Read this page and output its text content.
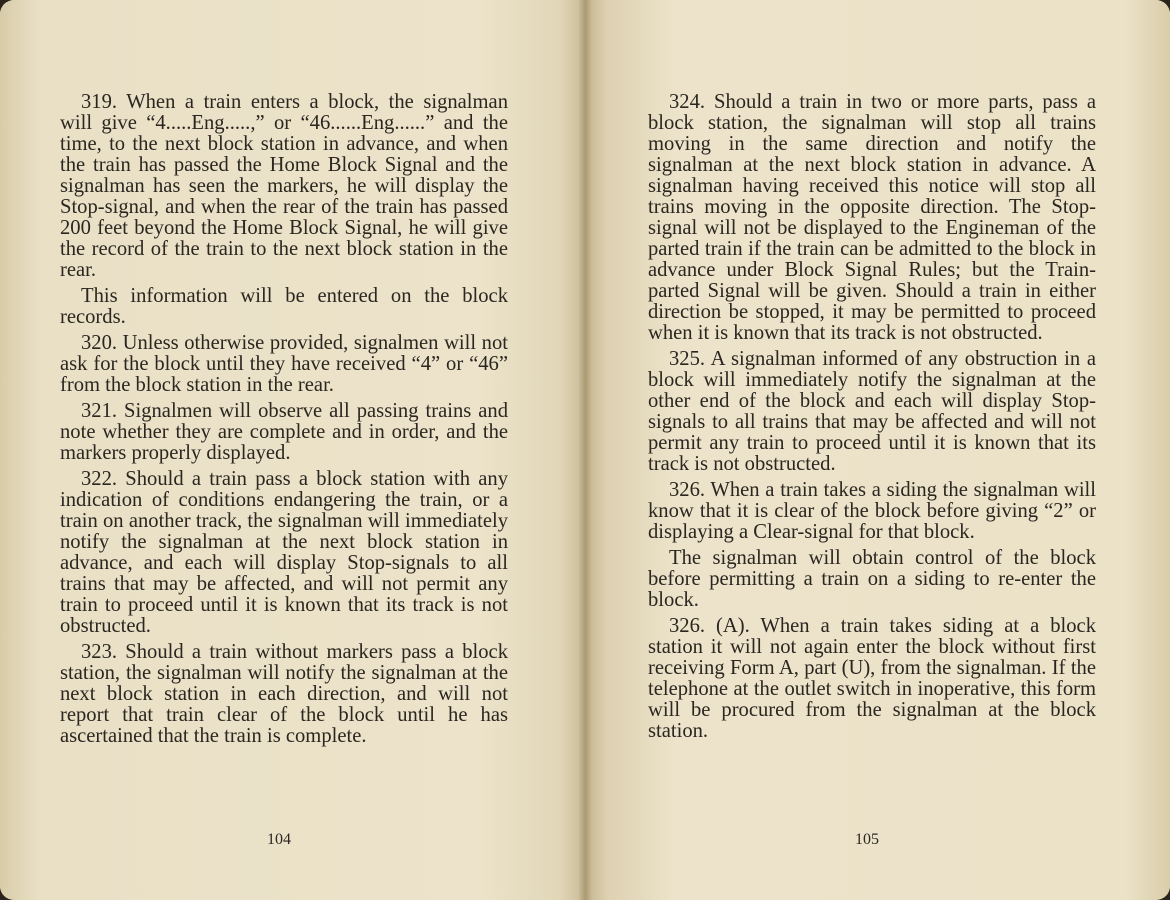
319. When a train enters a block, the signalman will give “4.....Eng.....,” or “46......Eng......” and the time, to the next block station in advance, and when the train has passed the Home Block Signal and the signalman has seen the markers, he will display the Stop-signal, and when the rear of the train has passed 200 feet beyond the Home Block Signal, he will give the record of the train to the next block station in the rear.

This information will be entered on the block records.

320. Unless otherwise provided, signalmen will not ask for the block until they have received “4” or “46” from the block station in the rear.

321. Signalmen will observe all passing trains and note whether they are complete and in order, and the markers properly displayed.

322. Should a train pass a block station with any indication of conditions endangering the train, or a train on another track, the signalman will immediately notify the signalman at the next block station in advance, and each will display Stop-signals to all trains that may be affected, and will not permit any train to proceed until it is known that its track is not obstructed.

323. Should a train without markers pass a block station, the signalman will notify the signalman at the next block station in each direction, and will not report that train clear of the block until he has ascertained that the train is complete.

324. Should a train in two or more parts, pass a block station, the signalman will stop all trains moving in the same direction and notify the signalman at the next block station in advance. A signalman having received this notice will stop all trains moving in the opposite direction. The Stop-signal will not be displayed to the Engineman of the parted train if the train can be admitted to the block in advance under Block Signal Rules; but the Train-parted Signal will be given. Should a train in either direction be stopped, it may be permitted to proceed when it is known that its track is not obstructed.

325. A signalman informed of any obstruction in a block will immediately notify the signalman at the other end of the block and each will display Stop-signals to all trains that may be affected and will not permit any train to proceed until it is known that its track is not obstructed.

326. When a train takes a siding the signalman will know that it is clear of the block before giving “2” or displaying a Clear-signal for that block.

The signalman will obtain control of the block before permitting a train on a siding to re-enter the block.

326. (A). When a train takes siding at a block station it will not again enter the block without first receiving Form A, part (U), from the signalman. If the telephone at the outlet switch in inoperative, this form will be procured from the signalman at the block station.

104	105
